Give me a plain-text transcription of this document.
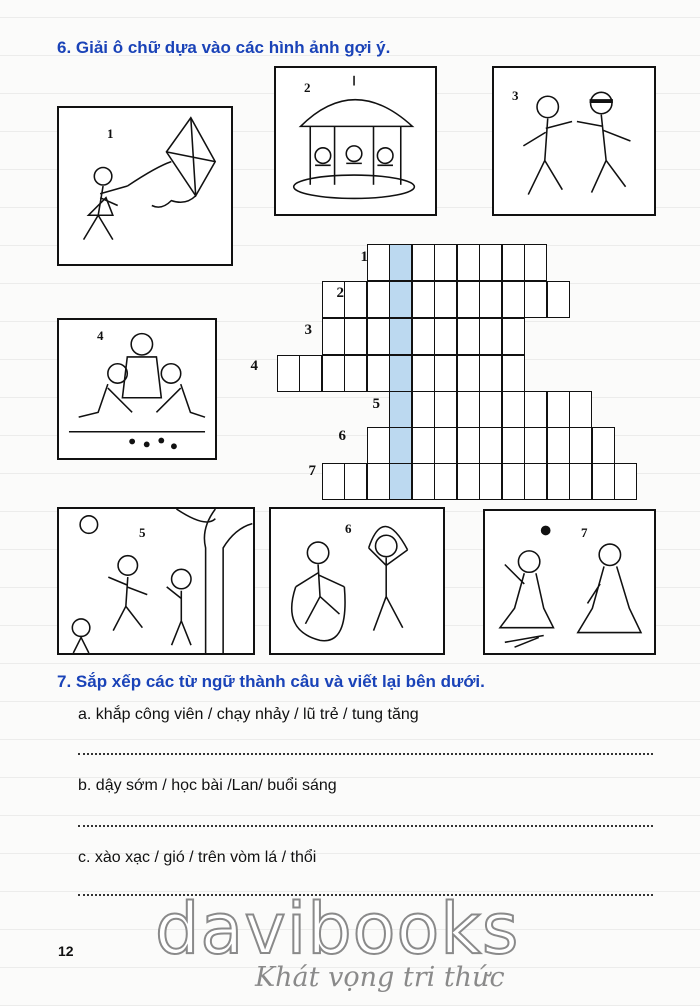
6. Giải ô chữ dựa vào các hình ảnh gợi ý.
1
2
3
4
1
2
3
4
5
6
7
5	6	7
7. Sắp xếp các từ ngữ thành câu và viết lại bên dưới.
a. khắp công viên / chạy nhảy / lũ trẻ / tung tăng
b. dậy sớm / học bài /Lan/ buổi sáng
c. xào xạc / gió / trên vòm lá / thổi
12 davibooks
Khát vọng tri thức
